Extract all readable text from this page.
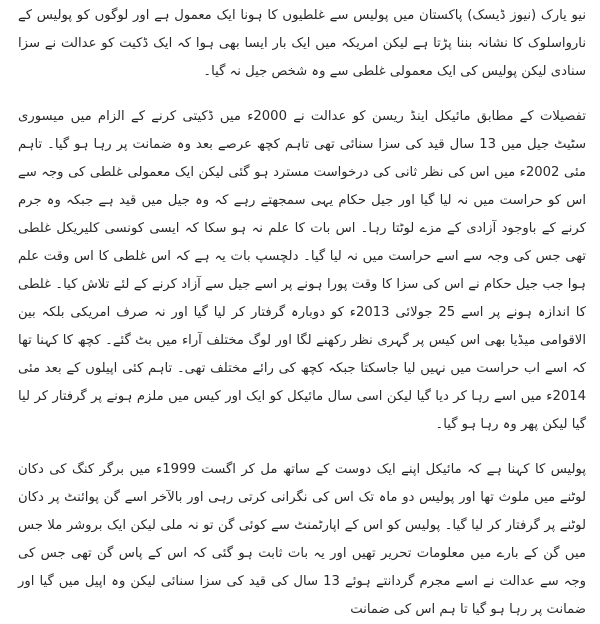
نیو یارک (نیوز ڈیسک) پاکستان میں پولیس سے غلطیوں کا ہونا ایک معمول ہے اور لوگوں کو پولیس کے نارواسلوک کا نشانہ بننا پڑتا ہے لیکن امریکہ میں ایک بار ایسا بھی ہوا کہ ایک ڈکیت کو عدالت نے سزا سنادی لیکن پولیس کی ایک معمولی غلطی سے وہ شخص جیل نہ گیا۔

تفصیلات کے مطابق مائیکل اینڈ ریسن کو عدالت نے 2000ء میں ڈکیتی کرنے کے الزام میں میسوری سٹیٹ جیل میں 13 سال قید کی سزا سنائی تھی تاہم کچھ عرصے بعد وہ ضمانت پر رہا ہو گیا۔ تاہم مئی 2002ء میں اس کی نظر ثانی کی درخواست مسترد ہو گئی لیکن ایک معمولی غلطی کی وجہ سے اس کو حراست میں نہ لیا گیا اور جیل حکام یہی سمجھتے رہے کہ وہ جیل میں قید ہے جبکہ وہ جرم کرنے کے باوجود آزادی کے مزے لوٹتا رہا۔ اس بات کا علم نہ ہو سکا کہ ایسی کونسی کلیریکل غلطی تھی جس کی وجہ سے اسے حراست میں نہ لیا گیا۔ دلچسپ بات یہ ہے کہ اس غلطی کا اس وقت علم ہوا جب جیل حکام نے اس کی سزا کا وقت پورا ہونے پر اسے جیل سے آزاد کرنے کے لئے تلاش کیا۔ غلطی کا اندازہ ہونے پر اسے 25 جولائی 2013ء کو دوبارہ گرفتار کر لیا گیا اور نہ صرف امریکی بلکہ بین الاقوامی میڈیا بھی اس کیس پر گہری نظر رکھنے لگا اور لوگ مختلف آراء میں بٹ گئے۔ کچھ کا کہنا تھا کہ اسے اب حراست میں نہیں لیا جاسکتا جبکہ کچھ کی رائے مختلف تھی۔ تاہم کئی اپیلوں کے بعد مئی 2014ء میں اسے رہا کر دیا گیا لیکن اسی سال مائیکل کو ایک اور کیس میں ملزم ہونے پر گرفتار کر لیا گیا لیکن پھر وہ رہا ہو گیا۔

پولیس کا کہنا ہے کہ مائیکل اپنے ایک دوست کے ساتھ مل کر اگست 1999ء میں برگر کنگ کی دکان لوٹنے میں ملوث تھا اور پولیس دو ماہ تک اس کی نگرانی کرتی رہی اور بالآخر اسے گن پوائنٹ پر دکان لوٹنے پر گرفتار کر لیا گیا۔ پولیس کو اس کے اپارٹمنٹ سے کوئی گن تو نہ ملی لیکن ایک بروشر ملا جس میں گن کے بارے میں معلومات تحریر تھیں اور یہ بات ثابت ہو گئی کہ اس کے پاس گن تھی جس کی وجہ سے عدالت نے اسے مجرم گردانتے ہوئے 13 سال کی قید کی سزا سنائی لیکن وہ اپیل میں گیا اور ضمانت پر رہا ہو گیا تا ہم اس کی ضمانت
